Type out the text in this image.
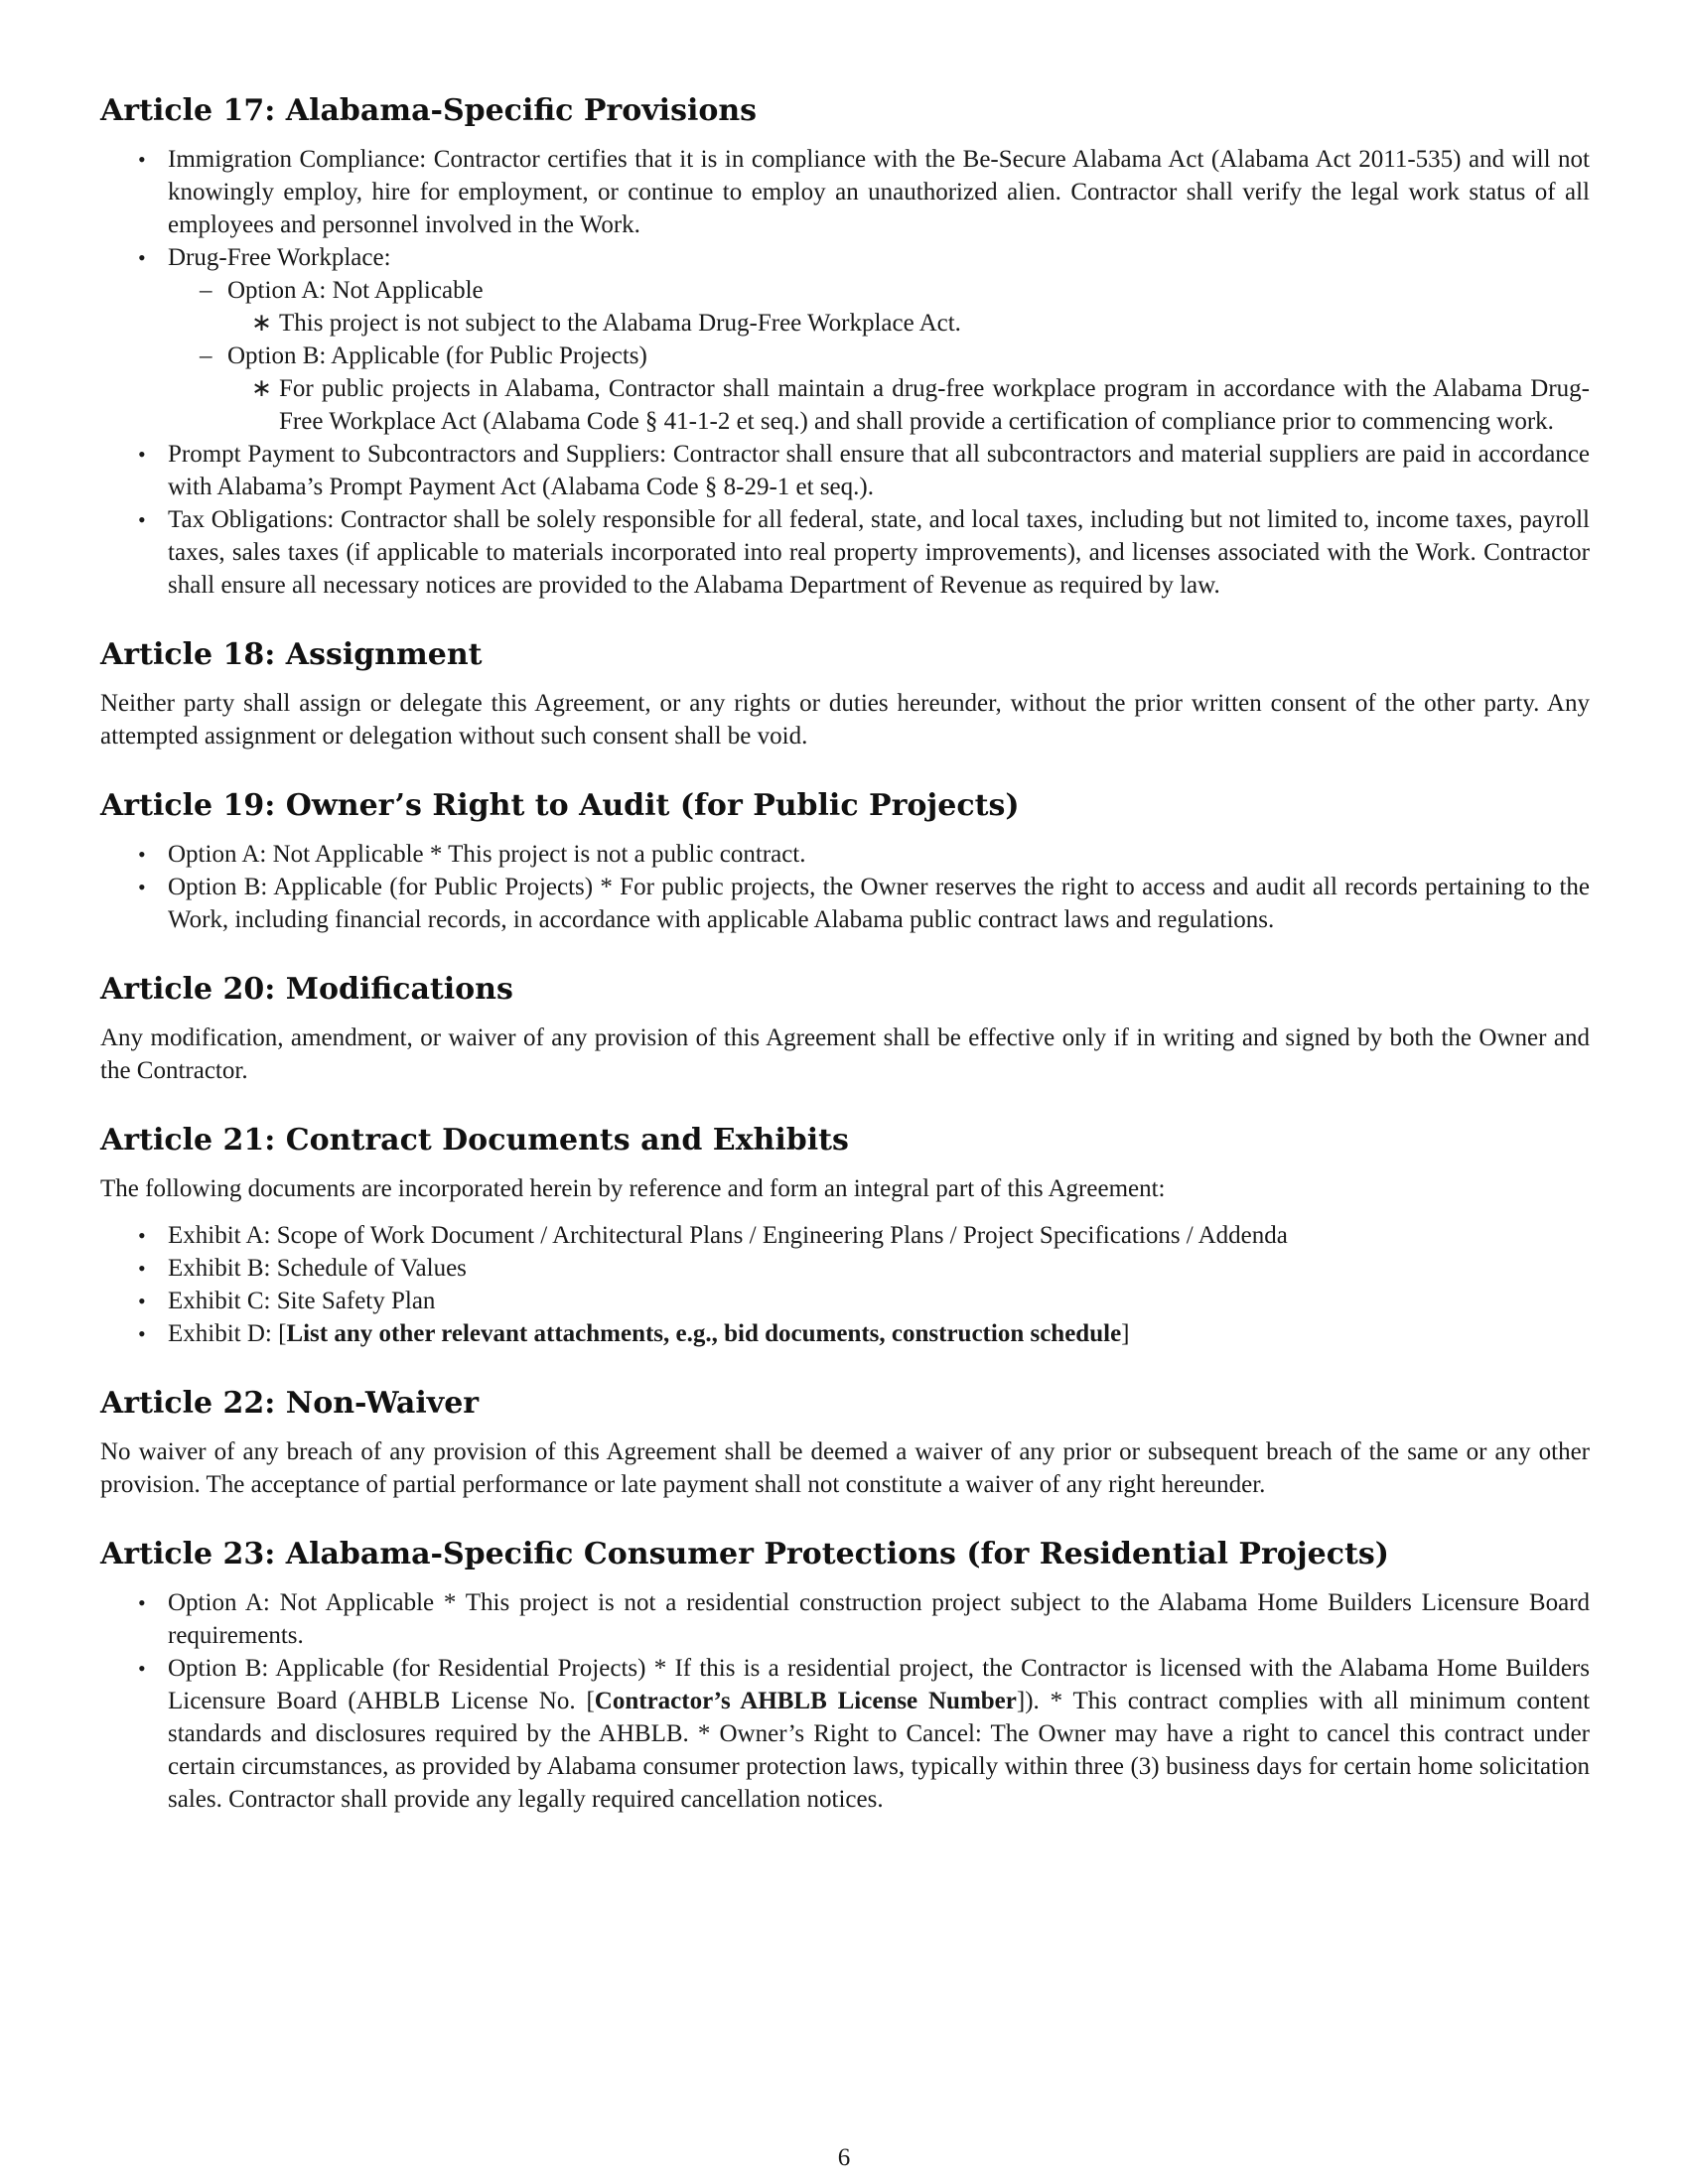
Article 17: Alabama-Specific Provisions
• Immigration Compliance: Contractor certifies that it is in compliance with the Be-Secure Alabama Act (Alabama Act 2011-535) and will not knowingly employ, hire for employment, or continue to employ an unauthorized alien. Contractor shall verify the legal work status of all employees and personnel involved in the Work.
• Drug-Free Workplace:
– Option A: Not Applicable
∗ This project is not subject to the Alabama Drug-Free Workplace Act.
– Option B: Applicable (for Public Projects)
∗ For public projects in Alabama, Contractor shall maintain a drug-free workplace program in accordance with the Alabama Drug-Free Workplace Act (Alabama Code § 41-1-2 et seq.) and shall provide a certification of compliance prior to commencing work.
• Prompt Payment to Subcontractors and Suppliers: Contractor shall ensure that all subcontractors and material suppliers are paid in accordance with Alabama’s Prompt Payment Act (Alabama Code § 8-29-1 et seq.).
• Tax Obligations: Contractor shall be solely responsible for all federal, state, and local taxes, including but not limited to, income taxes, payroll taxes, sales taxes (if applicable to materials incorporated into real property improvements), and licenses associated with the Work. Contractor shall ensure all necessary notices are provided to the Alabama Department of Revenue as required by law.
Article 18: Assignment

Neither party shall assign or delegate this Agreement, or any rights or duties hereunder, without the prior written consent of the other party. Any attempted assignment or delegation without such consent shall be void.

Article 19: Owner’s Right to Audit (for Public Projects)
• Option A: Not Applicable * This project is not a public contract.
• Option B: Applicable (for Public Projects) * For public projects, the Owner reserves the right to access and audit all records pertaining to the Work, including financial records, in accordance with applicable Alabama public contract laws and regulations.
Article 20: Modifications

Any modification, amendment, or waiver of any provision of this Agreement shall be effective only if in writing and signed by both the Owner and the Contractor.

Article 21: Contract Documents and Exhibits

The following documents are incorporated herein by reference and form an integral part of this Agreement:

• Exhibit A: Scope of Work Document / Architectural Plans / Engineering Plans / Project Specifications / Addenda
• Exhibit B: Schedule of Values
• Exhibit C: Site Safety Plan
• Exhibit D: [List any other relevant attachments, e.g., bid documents, construction schedule]
Article 22: Non-Waiver

No waiver of any breach of any provision of this Agreement shall be deemed a waiver of any prior or subsequent breach of the same or any other provision. The acceptance of partial performance or late payment shall not constitute a waiver of any right hereunder.

Article 23: Alabama-Specific Consumer Protections (for Residential Projects)
• Option A: Not Applicable * This project is not a residential construction project subject to the Alabama Home Builders Licensure Board requirements.
• Option B: Applicable (for Residential Projects) * If this is a residential project, the Contractor is licensed with the Alabama Home Builders Licensure Board (AHBLB License No. [Contractor’s AHBLB License Number]). * This contract complies with all minimum content standards and disclosures required by the AHBLB. * Owner’s Right to Cancel: The Owner may have a right to cancel this contract under certain circumstances, as provided by Alabama consumer protection laws, typically within three (3) business days for certain home solicitation sales. Contractor shall provide any legally required cancellation notices.
6
